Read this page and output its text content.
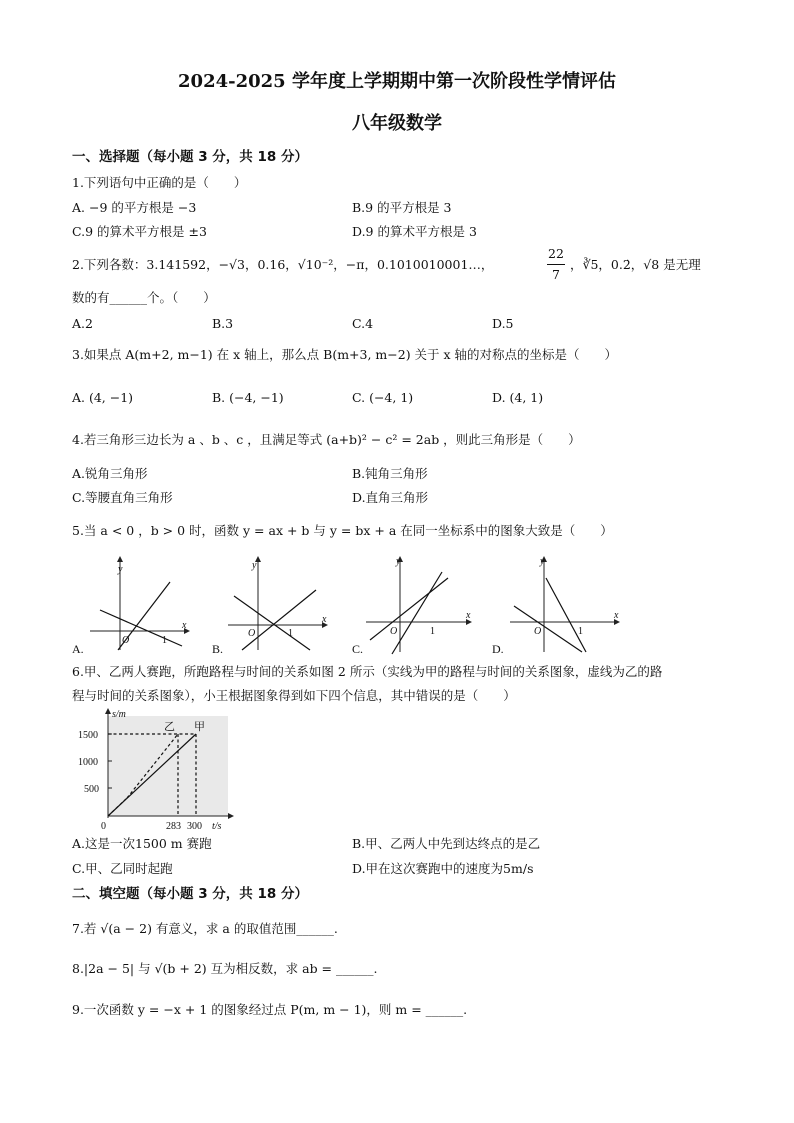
2024-2025 学年度上学期期中第一次阶段性学情评估
八年级数学
一、选择题（每小题 3 分，共 18 分）
1.下列语句中正确的是（　　）
A. −9 的平方根是 −3	B.9 的平方根是 3
C.9 的算术平方根是 ±3	D.9 的算术平方根是 3
2.下列各数：3.141592，−√3，0.16，√10⁻²，−π，0.1010010001…，
22
7
，∛5，0.2̇，√8 是无理
数的有______个。（　　）
A.2	B.3	C.4	D.5
3.如果点 A(m+2, m−1) 在 x 轴上，那么点 B(m+3, m−2) 关于 x 轴的对称点的坐标是（　　）
A. (4, −1)	B. (−4, −1)	C. (−4, 1)	D. (4, 1)
4.若三角形三边长为 a 、b 、c ，且满足等式 (a+b)² − c² = 2ab ，则此三角形是（　　）
A.锐角三角形	B.钝角三角形
C.等腰直角三角形	D.直角三角形
5.当 a < 0 ，b > 0 时，函数 y = ax + b 与 y = bx + a 在同一坐标系中的图象大致是（　　）
y
x
O	1
A.
y
x
O	1
B.
y
x
O	1
C.
y
x
O	1
D.
6.甲、乙两人赛跑，所跑路程与时间的关系如图 2 所示（实线为甲的路程与时间的关系图象，虚线为乙的路
程与时间的关系图象），小王根据图象得到如下四个信息，其中错误的是（　　）
s/m
t/s
1500
1000
500
283 300
0
乙 甲
A.这是一次1500 m 赛跑	B.甲、乙两人中先到达终点的是乙
C.甲、乙同时起跑	D.甲在这次赛跑中的速度为5m/s
二、填空题（每小题 3 分，共 18 分）
7.若 √(a − 2) 有意义，求 a 的取值范围______.
8.|2a − 5| 与 √(b + 2) 互为相反数，求 ab = ______.
9.一次函数 y = −x + 1 的图象经过点 P(m, m − 1)，则 m = ______.
